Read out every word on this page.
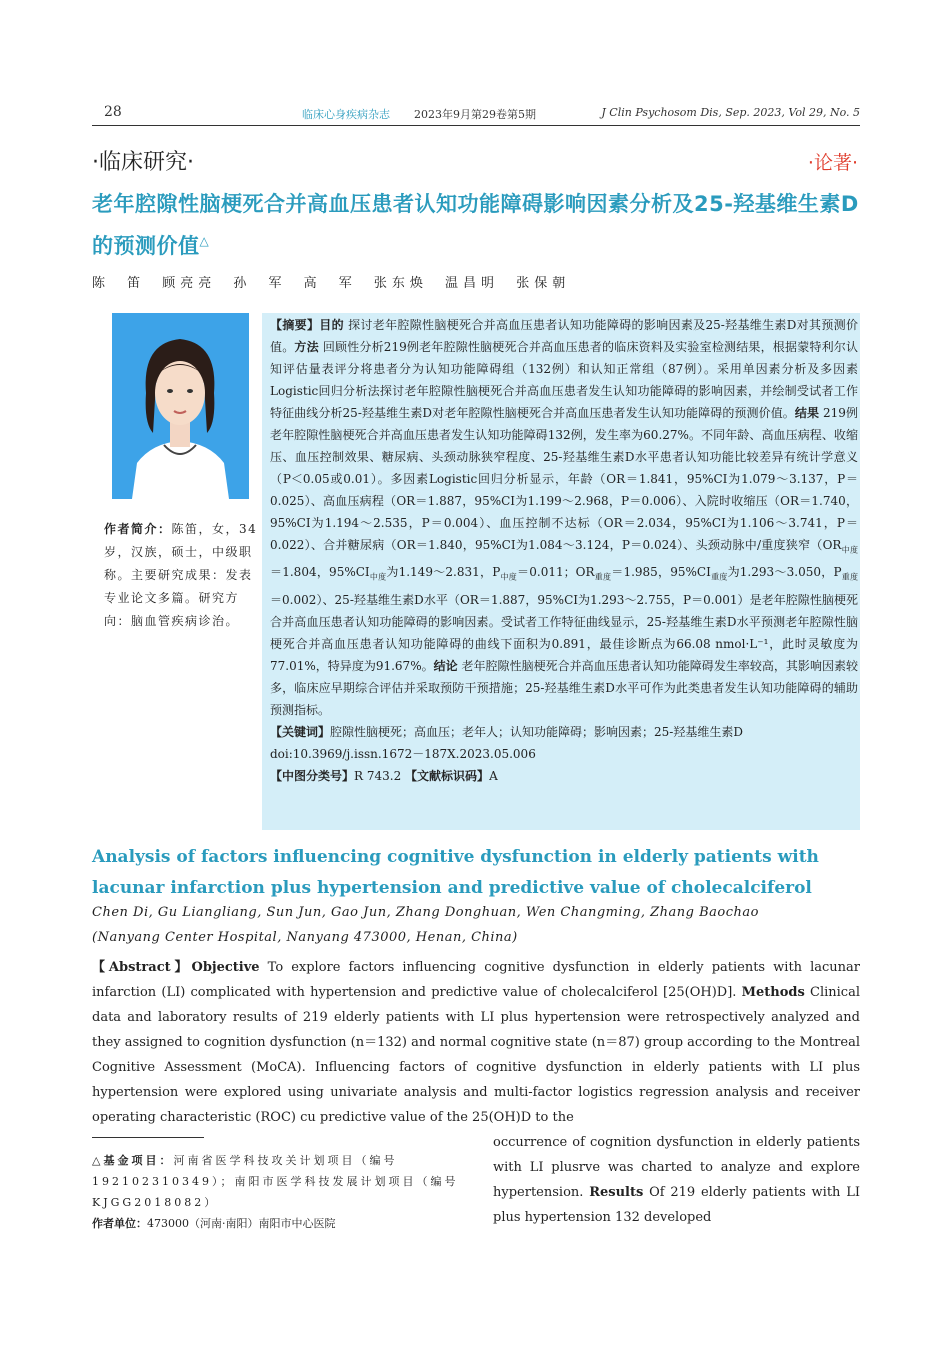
28	临床心身疾病杂志 2023年9月第29卷第5期	J Clin Psychosom Dis, Sep. 2023, Vol 29, No. 5
·临床研究·	·论著·
老年腔隙性脑梗死合并高血压患者认知功能障碍影响因素分析及25-羟基维生素D的预测价值△
陈 笛 顾亮亮 孙 军 高 军 张东焕 温昌明 张保朝
作者简介：陈笛，女，34岁，汉族，硕士，中级职称。主要研究成果：发表专业论文多篇。研究方向：脑血管疾病诊治。
【摘要】目的 探讨老年腔隙性脑梗死合并高血压患者认知功能障碍的影响因素及25-羟基维生素D对其预测价值。方法 回顾性分析219例老年腔隙性脑梗死合并高血压患者的临床资料及实验室检测结果，根据蒙特利尔认知评估量表评分将患者分为认知功能障碍组（132例）和认知正常组（87例）。采用单因素分析及多因素Logistic回归分析法探讨老年腔隙性脑梗死合并高血压患者发生认知功能障碍的影响因素，并绘制受试者工作特征曲线分析25-羟基维生素D对老年腔隙性脑梗死合并高血压患者发生认知功能障碍的预测价值。结果 219例老年腔隙性脑梗死合并高血压患者发生认知功能障碍132例，发生率为60.27%。不同年龄、高血压病程、收缩压、血压控制效果、糖尿病、头颈动脉狭窄程度、25-羟基维生素D水平患者认知功能比较差异有统计学意义（P＜0.05或0.01）。多因素Logistic回归分析显示，年龄（OR＝1.841，95%CI为1.079～3.137，P＝0.025）、高血压病程（OR＝1.887，95%CI为1.199～2.968，P＝0.006）、入院时收缩压（OR＝1.740，95%CI为1.194～2.535，P＝0.004）、血压控制不达标（OR＝2.034，95%CI为1.106～3.741，P＝0.022）、合并糖尿病（OR＝1.840，95%CI为1.084～3.124，P＝0.024）、头颈动脉中/重度狭窄（$OR_{中度}=1.804$，$95\%CI_{中度}$为1.149～2.831，$P_{中度}=0.011$；$OR_{重度}=1.985$，$95\%CI_{重度}$为1.293～3.050，$P_{重度}=0.002$）、25-羟基维生素D水平（OR＝1.887，95%CI为1.293～2.755，P＝0.001）是老年腔隙性脑梗死合并高血压患者认知功能障碍的影响因素。受试者工作特征曲线显示，25-羟基维生素D水平预测老年腔隙性脑梗死合并高血压患者认知功能障碍的曲线下面积为0.891，最佳诊断点为66.08 nmol·L⁻¹，此时灵敏度为77.01%，特异度为91.67%。结论 老年腔隙性脑梗死合并高血压患者认知功能障碍发生率较高，其影响因素较多，临床应早期综合评估并采取预防干预措施；25-羟基维生素D水平可作为此类患者发生认知功能障碍的辅助预测指标。
【关键词】腔隙性脑梗死；高血压；老年人；认知功能障碍；影响因素；25-羟基维生素D
doi:10.3969/j.issn.1672－187X.2023.05.006
【中图分类号】R 743.2 【文献标识码】A
Analysis of factors influencing cognitive dysfunction in elderly patients with lacunar infarction plus hypertension and predictive value of cholecalciferol
Chen Di, Gu Liangliang, Sun Jun, Gao Jun, Zhang Donghuan, Wen Changming, Zhang Baochao
(Nanyang Center Hospital, Nanyang 473000, Henan, China)
【Abstract】Objective To explore factors influencing cognitive dysfunction in elderly patients with lacunar infarction (LI) complicated with hypertension and predictive value of cholecalciferol [25(OH)D]. Methods Clinical data and laboratory results of 219 elderly patients with LI plus hypertension were retrospectively analyzed and they assigned to cognition dysfunction (n＝132) and normal cognitive state (n＝87) group according to the Montreal Cognitive Assessment (MoCA). Influencing factors of cognitive dysfunction in elderly patients with LI plus hypertension were explored using univariate analysis and multi-factor logistics regression analysis and receiver operating characteristic (ROC) cu predictive value of the 25(OH)D to the
occurrence of cognition dysfunction in elderly patients with LI plusrve was charted to analyze and explore hypertension. Results Of 219 elderly patients with LI plus hypertension 132 developed
△基金项目：河南省医学科技攻关计划项目（编号192102310349）；南阳市医学科技发展计划项目（编号KJGG2018082）
作者单位：473000（河南·南阳）南阳市中心医院
